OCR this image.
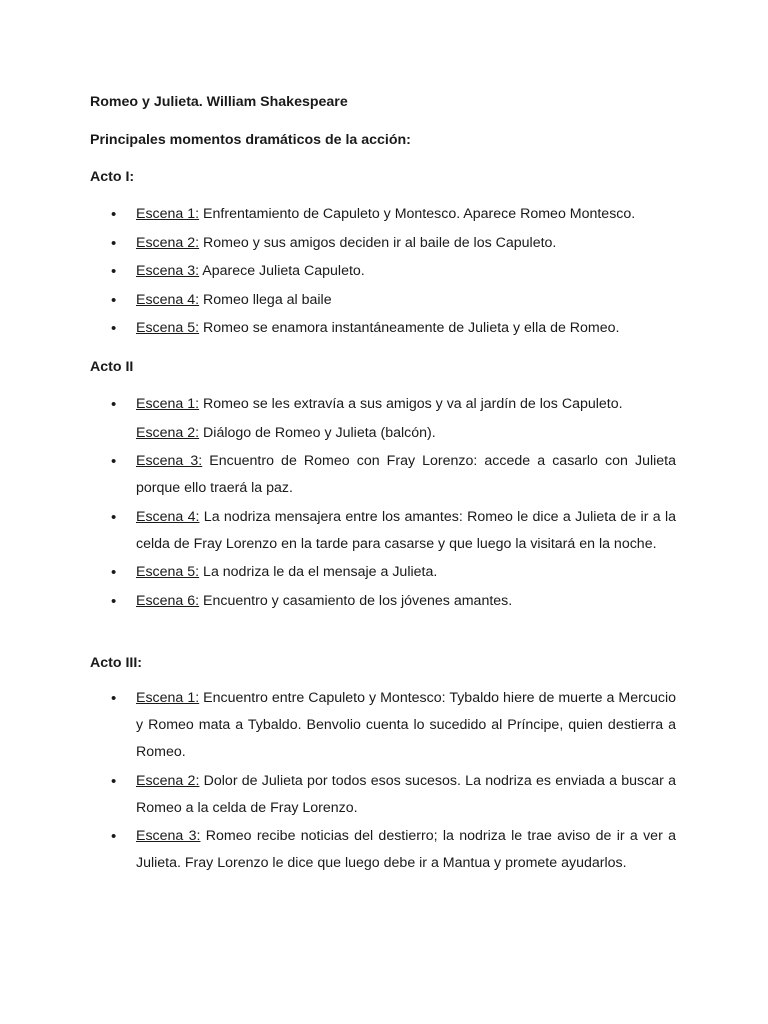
Romeo y Julieta. William Shakespeare

Principales momentos dramáticos de la acción:

Acto I:

• Escena 1: Enfrentamiento de Capuleto y Montesco. Aparece Romeo Montesco.
• Escena 2: Romeo y sus amigos deciden ir al baile de los Capuleto.
• Escena 3: Aparece Julieta Capuleto.
• Escena 4: Romeo llega al baile
• Escena 5: Romeo se enamora instantáneamente de Julieta y ella de Romeo.

Acto II

• Escena 1: Romeo se les extravía a sus amigos y va al jardín de los Capuleto.
Escena 2: Diálogo de Romeo y Julieta (balcón).
• Escena 3: Encuentro de Romeo con Fray Lorenzo: accede a casarlo con Julieta porque ello traerá la paz.
• Escena 4: La nodriza mensajera entre los amantes: Romeo le dice a Julieta de ir a la celda de Fray Lorenzo en la tarde para casarse y que luego la visitará en la noche.
• Escena 5: La nodriza le da el mensaje a Julieta.
• Escena 6: Encuentro y casamiento de los jóvenes amantes.

Acto III:

• Escena 1: Encuentro entre Capuleto y Montesco: Tybaldo hiere de muerte a Mercucio y Romeo mata a Tybaldo. Benvolio cuenta lo sucedido al Príncipe, quien destierra a Romeo.
• Escena 2: Dolor de Julieta por todos esos sucesos. La nodriza es enviada a buscar a Romeo a la celda de Fray Lorenzo.
• Escena 3: Romeo recibe noticias del destierro; la nodriza le trae aviso de ir a ver a Julieta. Fray Lorenzo le dice que luego debe ir a Mantua y promete ayudarlos.
